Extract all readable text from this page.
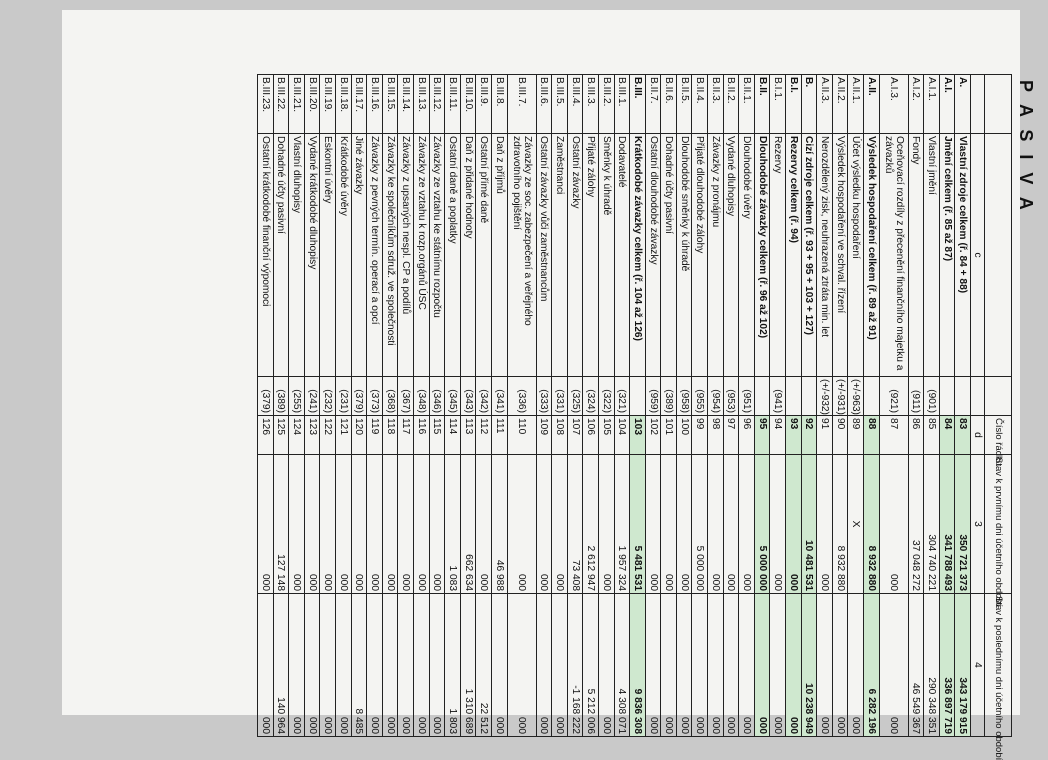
P A S I V A
			Číslo řádku	Stav k prvnímu dni účetního období	Stav k poslednímu dni účetního období
	c		d	3	4
A.	Vlastní zdroje celkem (ř. 84 + 88)		83	350 721 373	343 179 915
A.I.	Jmění celkem (ř. 85 až 87)		84	341 788 493	336 897 719
A.I.1.	Vlastní jmění	(901)	85	304 740 221	290 348 351
A.I.2.	Fondy	(911)	86	37 048 272	46 549 367
A.I.3.	Oceňovací rozdíly z přecenění finančního majetku a závazků	(921)	87	000	000
A.II.	Výsledek hospodaření celkem (ř. 89 až 91)		88	8 932 880	6 282 196
A.II.1.	Účet výsledku hospodaření	(+/-963)	89	X	000
A.II.2.	Výsledek hospodaření ve schval. řízení	(+/-931)	90	8 932 880	000
A.II.3.	Nerozdělený zisk, neuhrazená ztráta min. let	(+/-932)	91	000	000
B.	Cizí zdroje celkem (ř. 93 + 95 + 103 + 127)		92	10 481 531	10 238 949
B.I.	Rezervy celkem (ř. 94)		93	000	000
B.I.1.	Rezervy	(941)	94	000	000
B.II.	Dlouhodobé závazky celkem (ř. 96 až 102)		95	5 000 000	000
B.II.1.	Dlouhodobé úvěry	(951)	96	000	000
B.II.2.	Vydané dluhopisy	(953)	97	000	000
B.II.3.	Závazky z pronájmu	(954)	98	000	000
B.II.4.	Přijaté dlouhodobé zálohy	(955)	99	5 000 000	000
B.II.5.	Dlouhodobé směnky k úhradě	(958)	100	000	000
B.II.6.	Dohadné účty pasivní	(389)	101	000	000
B.II.7.	Ostatní dlouhodobé závazky	(959)	102	000	000
B.III.	Krátkodobé závazky celkem (ř. 104 až 126)		103	5 481 531	9 836 308
B.III.1.	Dodavatelé	(321)	104	1 957 324	4 308 071
B.III.2.	Směnky k úhradě	(322)	105	000	000
B.III.3.	Přijaté zálohy	(324)	106	2 612 947	5 212 006
B.III.4.	Ostatní závazky	(325)	107	73 408	-1 168 222
B.III.5.	Zaměstnanci	(331)	108	000	000
B.III.6.	Ostatní závazky vůči zaměstnancům	(333)	109	000	000
B.III.7.	Závazky ze soc. zabezpečení a veřejného zdravotního pojištění	(336)	110	000	000
B.III.8.	Daň z příjmů	(341)	111	46 988	000
B.III.9.	Ostatní přímé daně	(342)	112	000	22 512
B.III.10.	Daň z přidané hodnoty	(343)	113	662 634	1 310 689
B.III.11.	Ostatní daně a poplatky	(345)	114	1 083	1 803
B.III.12.	Závazky ze vztahu ke státnímu rozpočtu	(346)	115	000	000
B.III.13.	Závazky ze vztahu k rozp.orgánů ÚSC	(348)	116	000	000
B.III.14.	Závazky z upsaných nespl. CP a podílů	(367)	117	000	000
B.III.15.	Závazky ke společníkům sdruž. ve společnosti	(368)	118	000	000
B.III.16.	Závazky z pevných termín. operací a opcí	(373)	119	000	000
B.III.17.	Jiné závazky	(379)	120	000	8 485
B.III.18.	Krátkodobé úvěry	(231)	121	000	000
B.III.19.	Eskontní úvěry	(232)	122	000	000
B.III.20.	Vydané krátkodobé dluhopisy	(241)	123	000	000
B.III.21.	Vlastní dluhopisy	(255)	124	000	000
B.III.22.	Dohadné účty pasivní	(389)	125	127 148	140 964
B.III.23.	Ostatní krátkodobé finanční výpomoci	(379)	126	000	000
